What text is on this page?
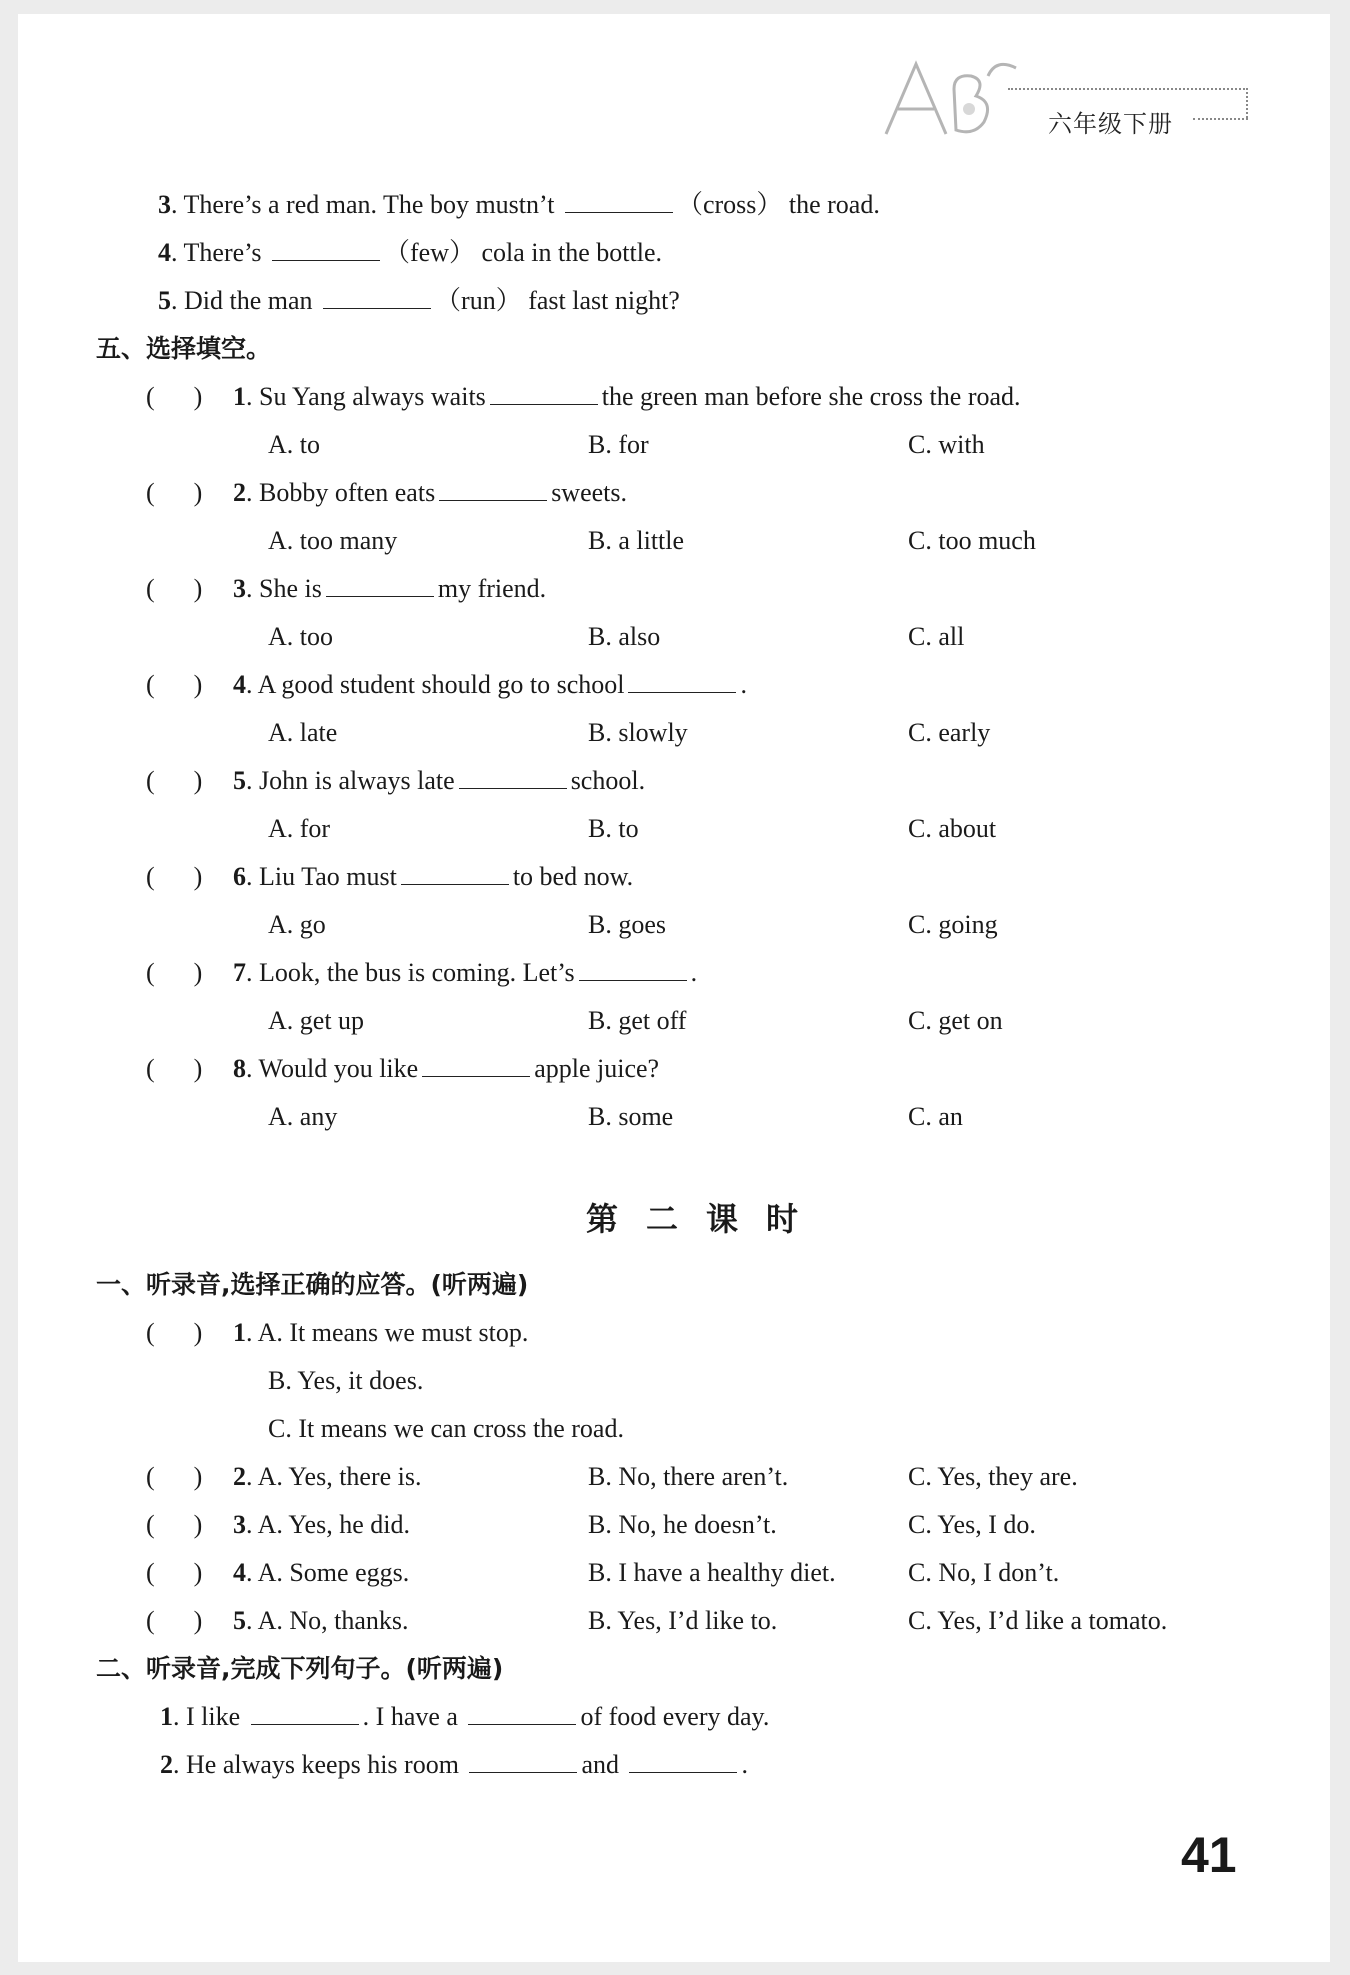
六年级下册
3. There’s a red man. The boy mustn’t	（cross） the road.
4. There’s	（few） cola in the bottle.
5. Did the man	（run） fast last night?
五、选择填空。
(      ) 1. Su Yang always waits	the green man before she cross the road.
A. to	B. for	C. with
(      ) 2. Bobby often eats	sweets.
A. too many	B. a little	C. too much
(      ) 3. She is	my friend.
A. too	B. also	C. all
(      ) 4. A good student should go to school	.
A. late	B. slowly	C. early
(      ) 5. John is always late	school.
A. for	B. to	C. about
(      ) 6. Liu Tao must	to bed now.
A. go	B. goes	C. going
(      ) 7. Look, the bus is coming. Let’s	.
A. get up	B. get off	C. get on
(      ) 8. Would you like	apple juice?
A. any	B. some	C. an
第二课时
一、听录音,选择正确的应答。(听两遍)
(      ) 1. A. It means we must stop.
B. Yes, it does.
C. It means we can cross the road.
(      ) 2. A. Yes, there is.	B. No, there aren’t.	C. Yes, they are.
(      ) 3. A. Yes, he did.	B. No, he doesn’t.	C. Yes, I do.
(      ) 4. A. Some eggs.	B. I have a healthy diet.	C. No, I don’t.
(      ) 5. A. No, thanks.	B. Yes, I’d like to.	C. Yes, I’d like a tomato.
二、听录音,完成下列句子。(听两遍)
1. I like	. I have a	of food every day.
2. He always keeps his room	and	.
41
